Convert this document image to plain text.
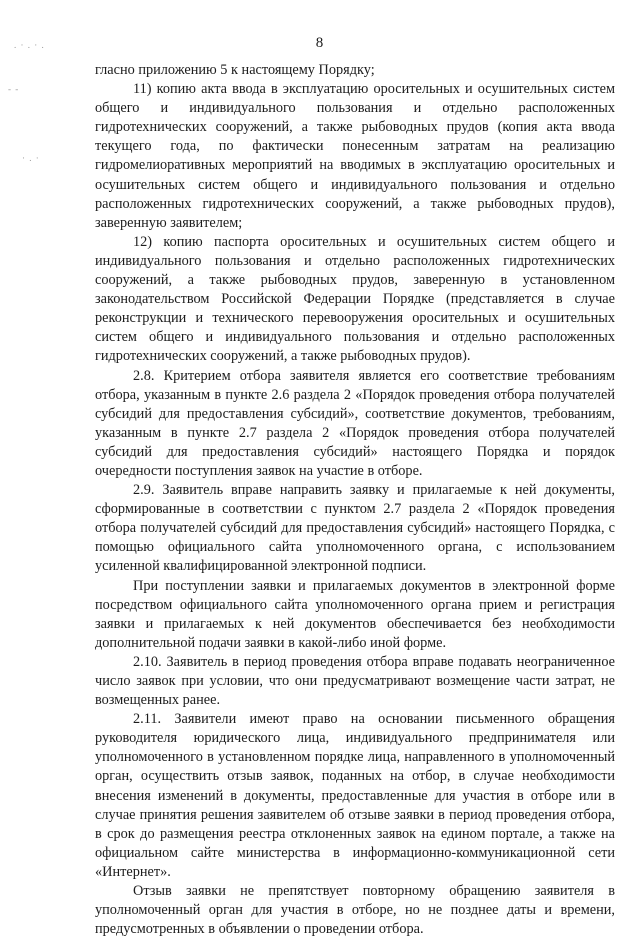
8
. · . · .
- -
· . ·

гласно приложению 5 к настоящему Порядку;

11) копию акта ввода в эксплуатацию оросительных и осушительных систем общего и индивидуального пользования и отдельно расположенных гидротехнических сооружений, а также рыбоводных прудов (копия акта ввода текущего года, по фактически понесенным затратам на реализацию гидромелиоративных мероприятий на вводимых в эксплуатацию оросительных и осушительных систем общего и индивидуального пользования и отдельно расположенных гидротехнических сооружений, а также рыбоводных прудов), заверенную заявителем;

12) копию паспорта оросительных и осушительных систем общего и индивидуального пользования и отдельно расположенных гидротехнических сооружений, а также рыбоводных прудов, заверенную в установленном законодательством Российской Федерации Порядке (представляется в случае реконструкции и технического перевооружения оросительных и осушительных систем общего и индивидуального пользования и отдельно расположенных гидротехнических сооружений, а также рыбоводных прудов).

2.8. Критерием отбора заявителя является его соответствие требованиям отбора, указанным в пункте 2.6 раздела 2 «Порядок проведения отбора получателей субсидий для предоставления субсидий», соответствие документов, требованиям, указанным в пункте 2.7 раздела 2 «Порядок проведения отбора получателей субсидий для предоставления субсидий» настоящего Порядка и порядок очередности поступления заявок на участие в отборе.

2.9. Заявитель вправе направить заявку и прилагаемые к ней документы, сформированные в соответствии с пунктом 2.7 раздела 2 «Порядок проведения отбора получателей субсидий для предоставления субсидий» настоящего Порядка, с помощью официального сайта уполномоченного органа, с использованием усиленной квалифицированной электронной подписи.

При поступлении заявки и прилагаемых документов в электронной форме посредством официального сайта уполномоченного органа прием и регистрация заявки и прилагаемых к ней документов обеспечивается без необходимости дополнительной подачи заявки в какой-либо иной форме.

2.10. Заявитель в период проведения отбора вправе подавать неограниченное число заявок при условии, что они предусматривают возмещение части затрат, не возмещенных ранее.

2.11. Заявители имеют право на основании письменного обращения руководителя юридического лица, индивидуального предпринимателя или уполномоченного в установленном порядке лица, направленного в уполномоченный орган, осуществить отзыв заявок, поданных на отбор, в случае необходимости внесения изменений в документы, предоставленные для участия в отборе или в случае принятия решения заявителем об отзыве заявки в период проведения отбора, в срок до размещения реестра отклоненных заявок на едином портале, а также на официальном сайте министерства в информационно-коммуникационной сети «Интернет».

Отзыв заявки не препятствует повторному обращению заявителя в уполномоченный орган для участия в отборе, но не позднее даты и времени, предусмотренных в объявлении о проведении отбора.
